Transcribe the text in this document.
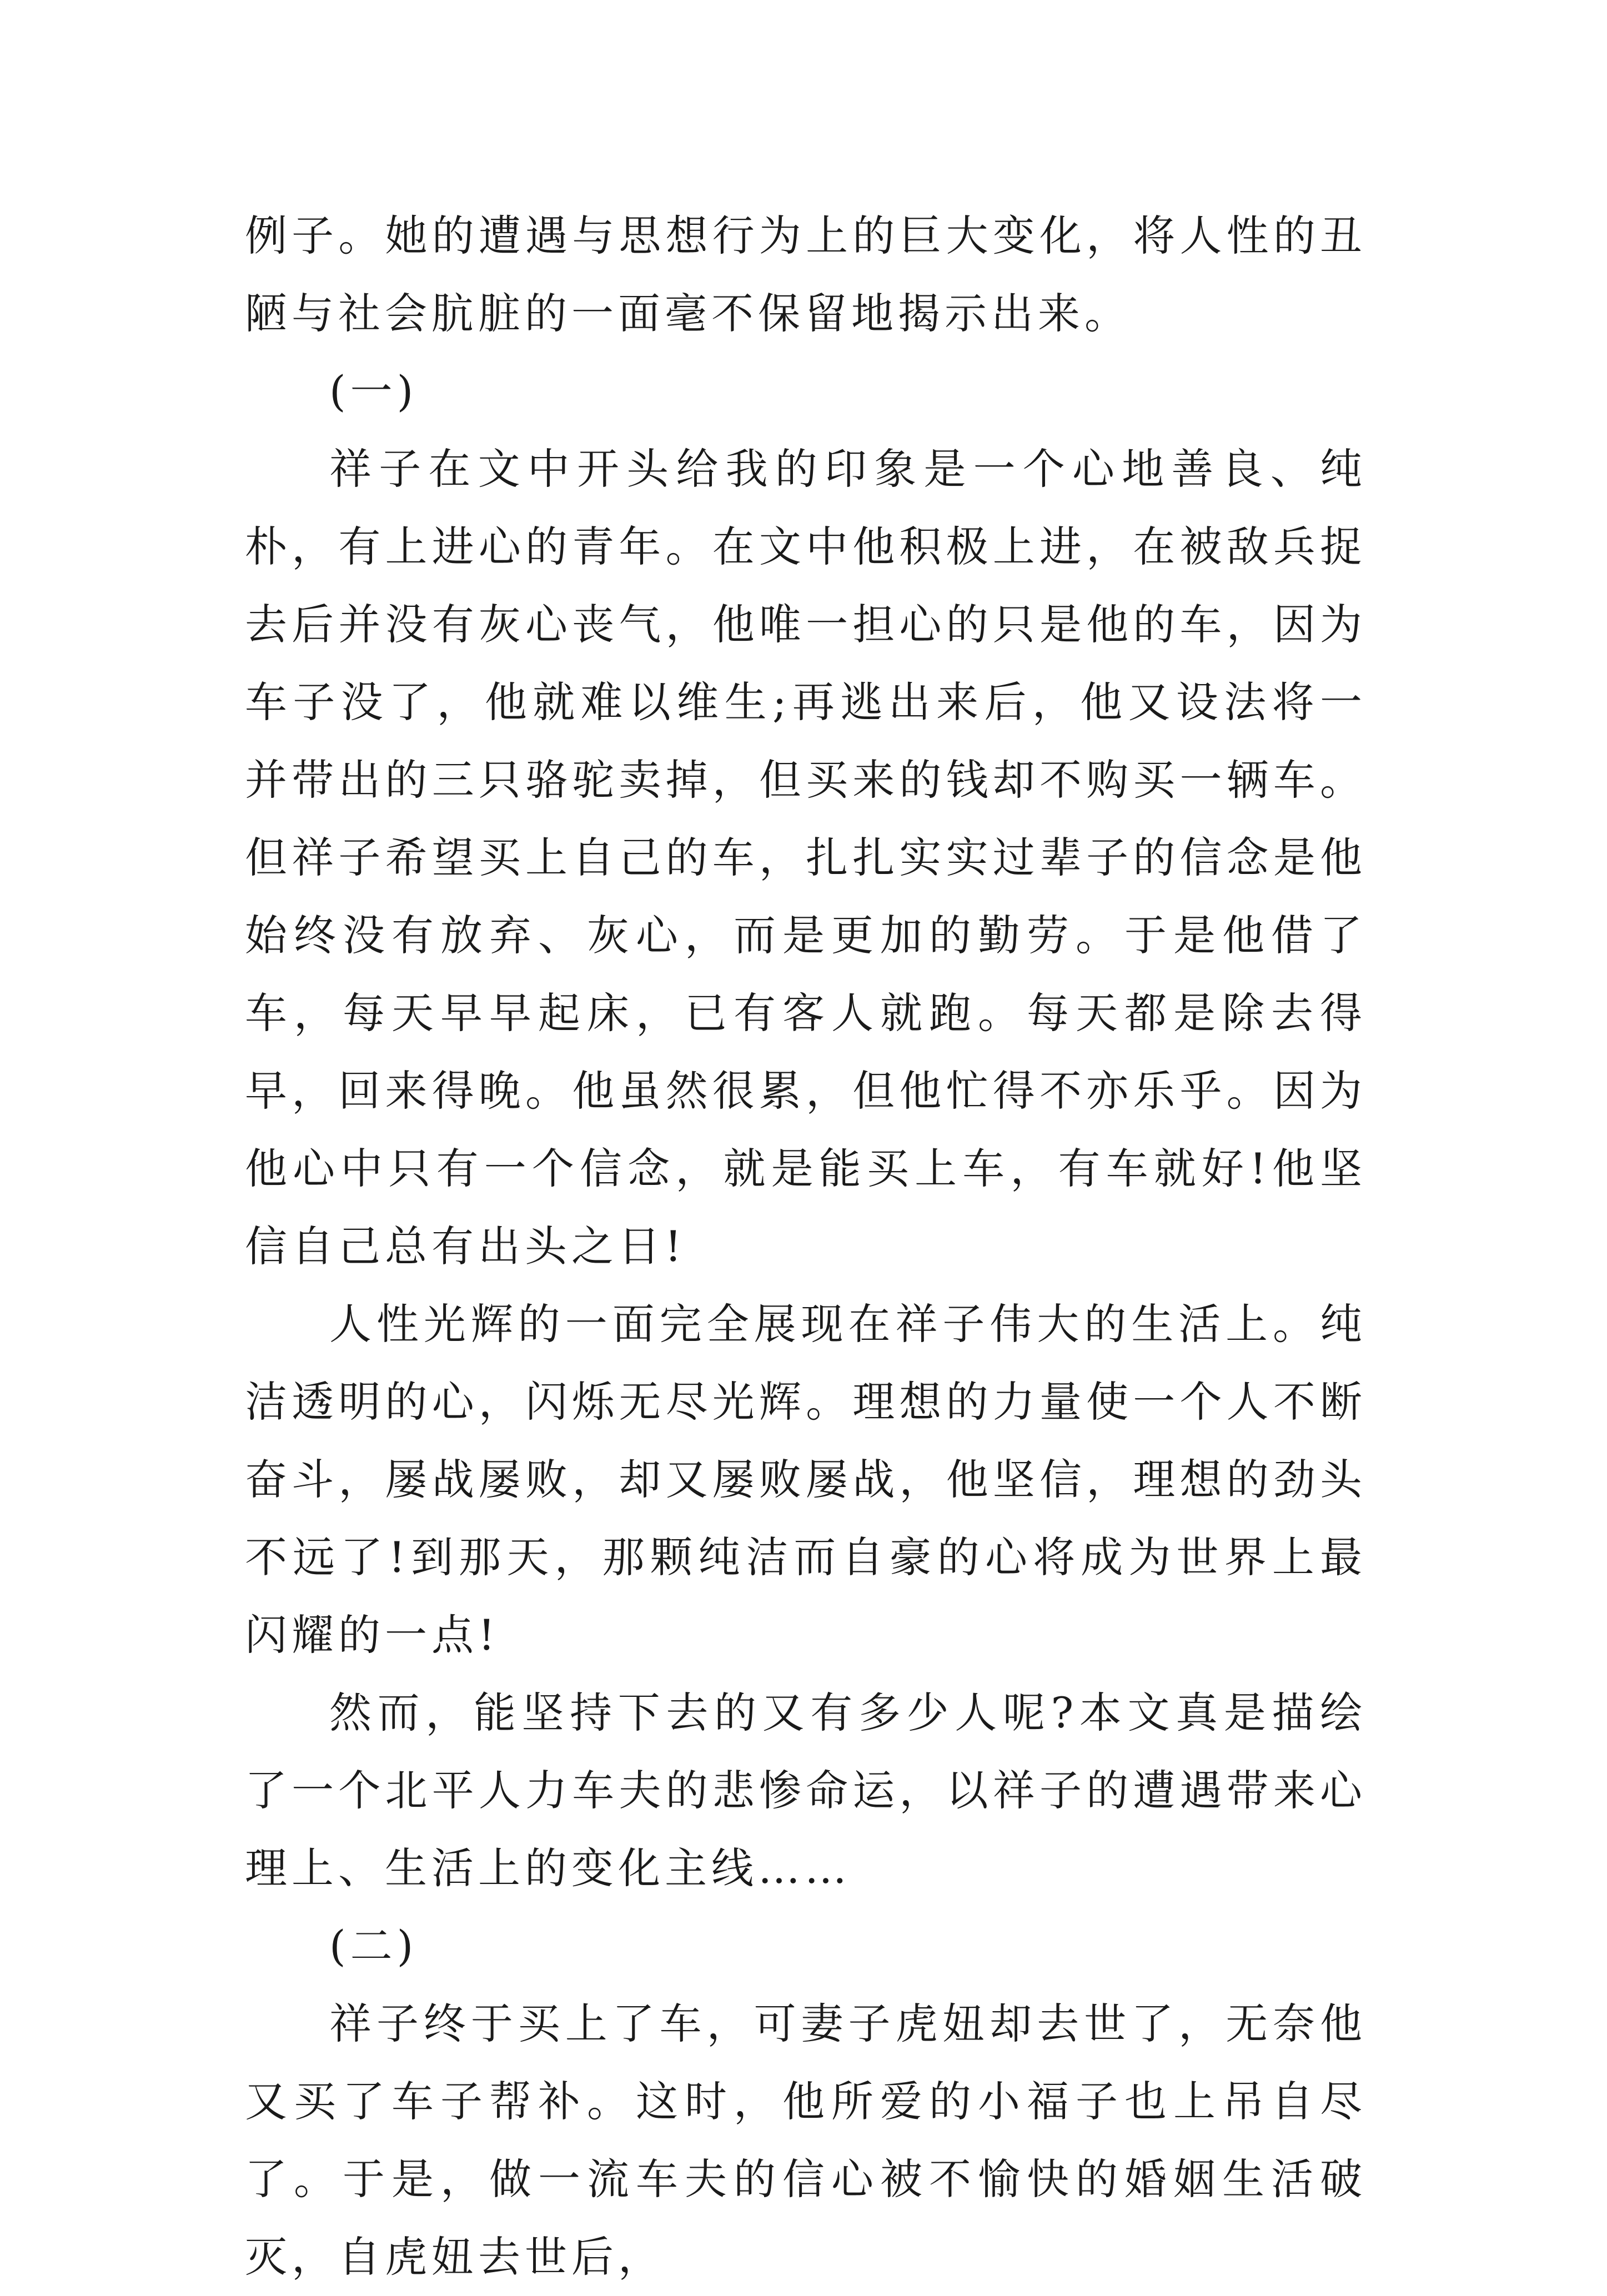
例子。她的遭遇与思想行为上的巨大变化，将人性的丑陋与社会肮脏的一面毫不保留地揭示出来。

(一)

祥子在文中开头给我的印象是一个心地善良、纯朴，有上进心的青年。在文中他积极上进，在被敌兵捉去后并没有灰心丧气，他唯一担心的只是他的车，因为车子没了，他就难以维生;再逃出来后，他又设法将一并带出的三只骆驼卖掉，但买来的钱却不购买一辆车。但祥子希望买上自己的车，扎扎实实过辈子的信念是他始终没有放弃、灰心，而是更加的勤劳。于是他借了车，每天早早起床，已有客人就跑。每天都是除去得早，回来得晚。他虽然很累，但他忙得不亦乐乎。因为他心中只有一个信念，就是能买上车，有车就好!他坚信自己总有出头之日!

人性光辉的一面完全展现在祥子伟大的生活上。纯洁透明的心，闪烁无尽光辉。理想的力量使一个人不断奋斗，屡战屡败，却又屡败屡战，他坚信，理想的劲头不远了!到那天，那颗纯洁而自豪的心将成为世界上最闪耀的一点!

然而，能坚持下去的又有多少人呢?本文真是描绘了一个北平人力车夫的悲惨命运，以祥子的遭遇带来心理上、生活上的变化主线……

(二)

祥子终于买上了车，可妻子虎妞却去世了，无奈他又买了车子帮补。这时，他所爱的小福子也上吊自尽了。于是，做一流车夫的信心被不愉快的婚姻生活破灭，自虎妞去世后，
